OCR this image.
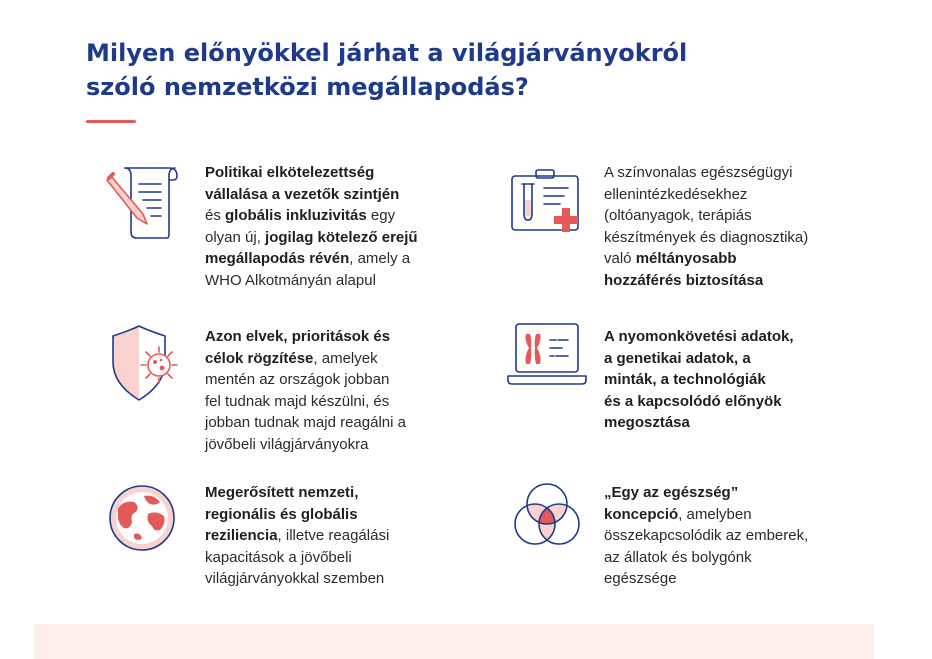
Milyen előnyökkel járhat a világjárványokról
szóló nemzetközi megállapodás?
Politikai elkötelezettség
vállalása a vezetők szintjén
és globális inkluzivitás egy
olyan új, jogilag kötelező erejű
megállapodás révén, amely a
WHO Alkotmányán alapul
A színvonalas egészségügyi
ellenintézkedésekhez
(oltóanyagok, terápiás
készítmények és diagnosztika)
való méltányosabb
hozzáférés biztosítása
Azon elvek, prioritások és
célok rögzítése, amelyek
mentén az országok jobban
fel tudnak majd készülni, és
jobban tudnak majd reagálni a
jövőbeli világjárványokra
A nyomonkövetési adatok,
a genetikai adatok, a
minták, a technológiák
és a kapcsolódó előnyök
megosztása
Megerősített nemzeti,
regionális és globális
reziliencia, illetve reagálási
kapacitások a jövőbeli
világjárványokkal szemben
„Egy az egészség”
koncepció, amelyben
összekapcsolódik az emberek,
az állatok és bolygónk
egészsége
